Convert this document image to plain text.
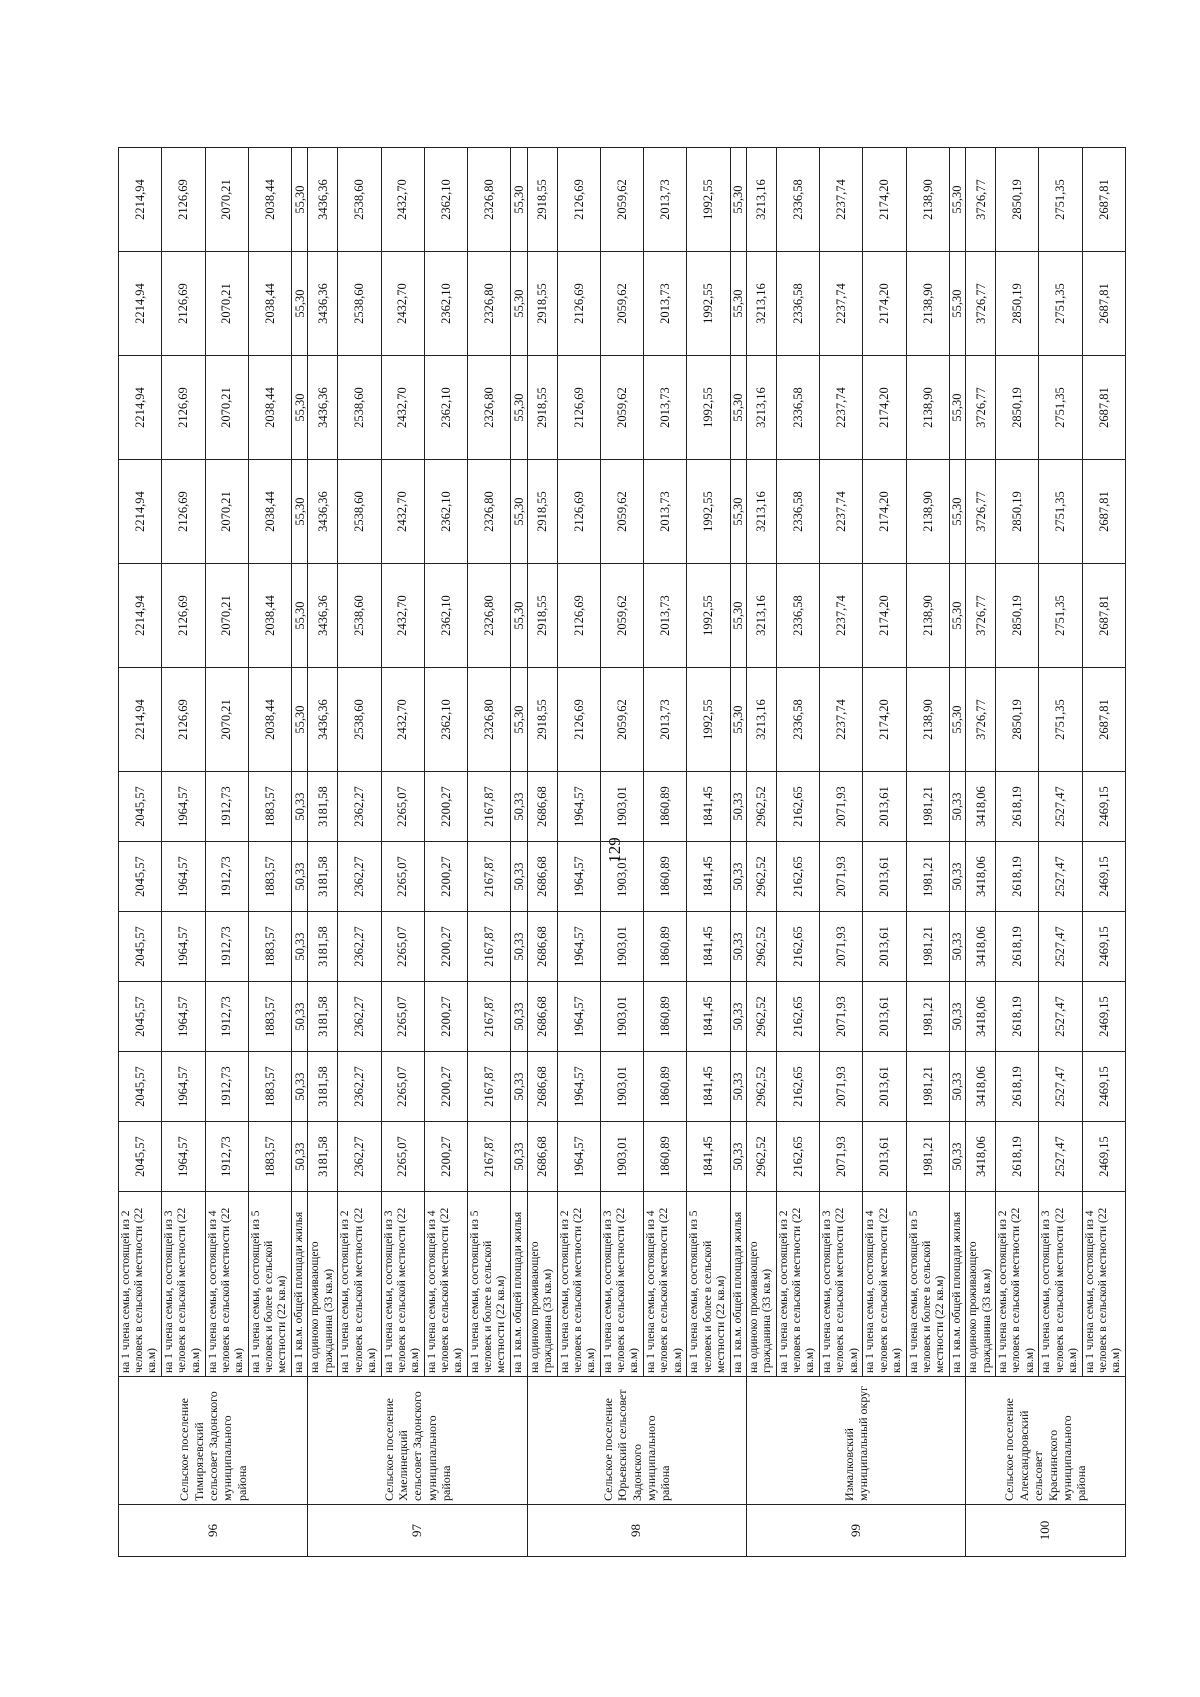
96	Сельское поселение Тимирязевский сельсовет Задонского муниципального района	на 1 члена семьи, состоящей из 2 человек в сельской местности (22 кв.м)	2045,57	2045,57	2045,57	2045,57	2045,57	2045,57	2214,94	2214,94	2214,94	2214,94	2214,94	2214,94
		на 1 члена семьи, состоящей из 3 человек в сельской местности (22 кв.м)	1964,57	1964,57	1964,57	1964,57	1964,57	1964,57	2126,69	2126,69	2126,69	2126,69	2126,69	2126,69
		на 1 члена семьи, состоящей из 4 человек в сельской местности (22 кв.м)	1912,73	1912,73	1912,73	1912,73	1912,73	1912,73	2070,21	2070,21	2070,21	2070,21	2070,21	2070,21
		на 1 члена семьи, состоящей из 5 человек и более в сельской местности (22 кв.м)	1883,57	1883,57	1883,57	1883,57	1883,57	1883,57	2038,44	2038,44	2038,44	2038,44	2038,44	2038,44
		на 1 кв.м. общей площади жилья	50,33	50,33	50,33	50,33	50,33	50,33	55,30	55,30	55,30	55,30	55,30	55,30
97	Сельское поселение Хмелинецкий сельсовет Задонского муниципального района	на одиноко проживающего гражданина (33 кв.м)	3181,58	3181,58	3181,58	3181,58	3181,58	3181,58	3436,36	3436,36	3436,36	3436,36	3436,36	3436,36
		на 1 члена семьи, состоящей из 2 человек в сельской местности (22 кв.м)	2362,27	2362,27	2362,27	2362,27	2362,27	2362,27	2538,60	2538,60	2538,60	2538,60	2538,60	2538,60
		на 1 члена семьи, состоящей из 3 человек в сельской местности (22 кв.м)	2265,07	2265,07	2265,07	2265,07	2265,07	2265,07	2432,70	2432,70	2432,70	2432,70	2432,70	2432,70
		на 1 члена семьи, состоящей из 4 человек в сельской местности (22 кв.м)	2200,27	2200,27	2200,27	2200,27	2200,27	2200,27	2362,10	2362,10	2362,10	2362,10	2362,10	2362,10
		на 1 члена семьи, состоящей из 5 человек и более в сельской местности (22 кв.м)	2167,87	2167,87	2167,87	2167,87	2167,87	2167,87	2326,80	2326,80	2326,80	2326,80	2326,80	2326,80
		на 1 кв.м. общей площади жилья	50,33	50,33	50,33	50,33	50,33	50,33	55,30	55,30	55,30	55,30	55,30	55,30
98	Сельское поселение Юрьевский сельсовет Задонского муниципального района	на одиноко проживающего гражданина (33 кв.м)	2686,68	2686,68	2686,68	2686,68	2686,68	2686,68	2918,55	2918,55	2918,55	2918,55	2918,55	2918,55
		на 1 члена семьи, состоящей из 2 человек в сельской местности (22 кв.м)	1964,57	1964,57	1964,57	1964,57	1964,57	1964,57	2126,69	2126,69	2126,69	2126,69	2126,69	2126,69
		на 1 члена семьи, состоящей из 3 человек в сельской местности (22 кв.м)	1903,01	1903,01	1903,01	1903,01	1903,01	1903,01	2059,62	2059,62	2059,62	2059,62	2059,62	2059,62
		на 1 члена семьи, состоящей из 4 человек в сельской местности (22 кв.м)	1860,89	1860,89	1860,89	1860,89	1860,89	1860,89	2013,73	2013,73	2013,73	2013,73	2013,73	2013,73
		на 1 члена семьи, состоящей из 5 человек и более в сельской местности (22 кв.м)	1841,45	1841,45	1841,45	1841,45	1841,45	1841,45	1992,55	1992,55	1992,55	1992,55	1992,55	1992,55
		на 1 кв.м. общей площади жилья	50,33	50,33	50,33	50,33	50,33	50,33	55,30	55,30	55,30	55,30	55,30	55,30
99	Измалковский муниципальный округ	на одиноко проживающего гражданина (33 кв.м)	2962,52	2962,52	2962,52	2962,52	2962,52	2962,52	3213,16	3213,16	3213,16	3213,16	3213,16	3213,16
		на 1 члена семьи, состоящей из 2 человек в сельской местности (22 кв.м)	2162,65	2162,65	2162,65	2162,65	2162,65	2162,65	2336,58	2336,58	2336,58	2336,58	2336,58	2336,58
		на 1 члена семьи, состоящей из 3 человек в сельской местности (22 кв.м)	2071,93	2071,93	2071,93	2071,93	2071,93	2071,93	2237,74	2237,74	2237,74	2237,74	2237,74	2237,74
		на 1 члена семьи, состоящей из 4 человек в сельской местности (22 кв.м)	2013,61	2013,61	2013,61	2013,61	2013,61	2013,61	2174,20	2174,20	2174,20	2174,20	2174,20	2174,20
		на 1 члена семьи, состоящей из 5 человек и более в сельской местности (22 кв.м)	1981,21	1981,21	1981,21	1981,21	1981,21	1981,21	2138,90	2138,90	2138,90	2138,90	2138,90	2138,90
		на 1 кв.м. общей площади жилья	50,33	50,33	50,33	50,33	50,33	50,33	55,30	55,30	55,30	55,30	55,30	55,30
100	Сельское поселение Александровский сельсовет Краснинского муниципального района	на одиноко проживающего гражданина (33 кв.м)	3418,06	3418,06	3418,06	3418,06	3418,06	3418,06	3726,77	3726,77	3726,77	3726,77	3726,77	3726,77
		на 1 члена семьи, состоящей из 2 человек в сельской местности (22 кв.м)	2618,19	2618,19	2618,19	2618,19	2618,19	2618,19	2850,19	2850,19	2850,19	2850,19	2850,19	2850,19
		на 1 члена семьи, состоящей из 3 человек в сельской местности (22 кв.м)	2527,47	2527,47	2527,47	2527,47	2527,47	2527,47	2751,35	2751,35	2751,35	2751,35	2751,35	2751,35
		на 1 члена семьи, состоящей из 4 человек в сельской местности (22 кв.м)	2469,15	2469,15	2469,15	2469,15	2469,15	2469,15	2687,81	2687,81	2687,81	2687,81	2687,81	2687,81
129
